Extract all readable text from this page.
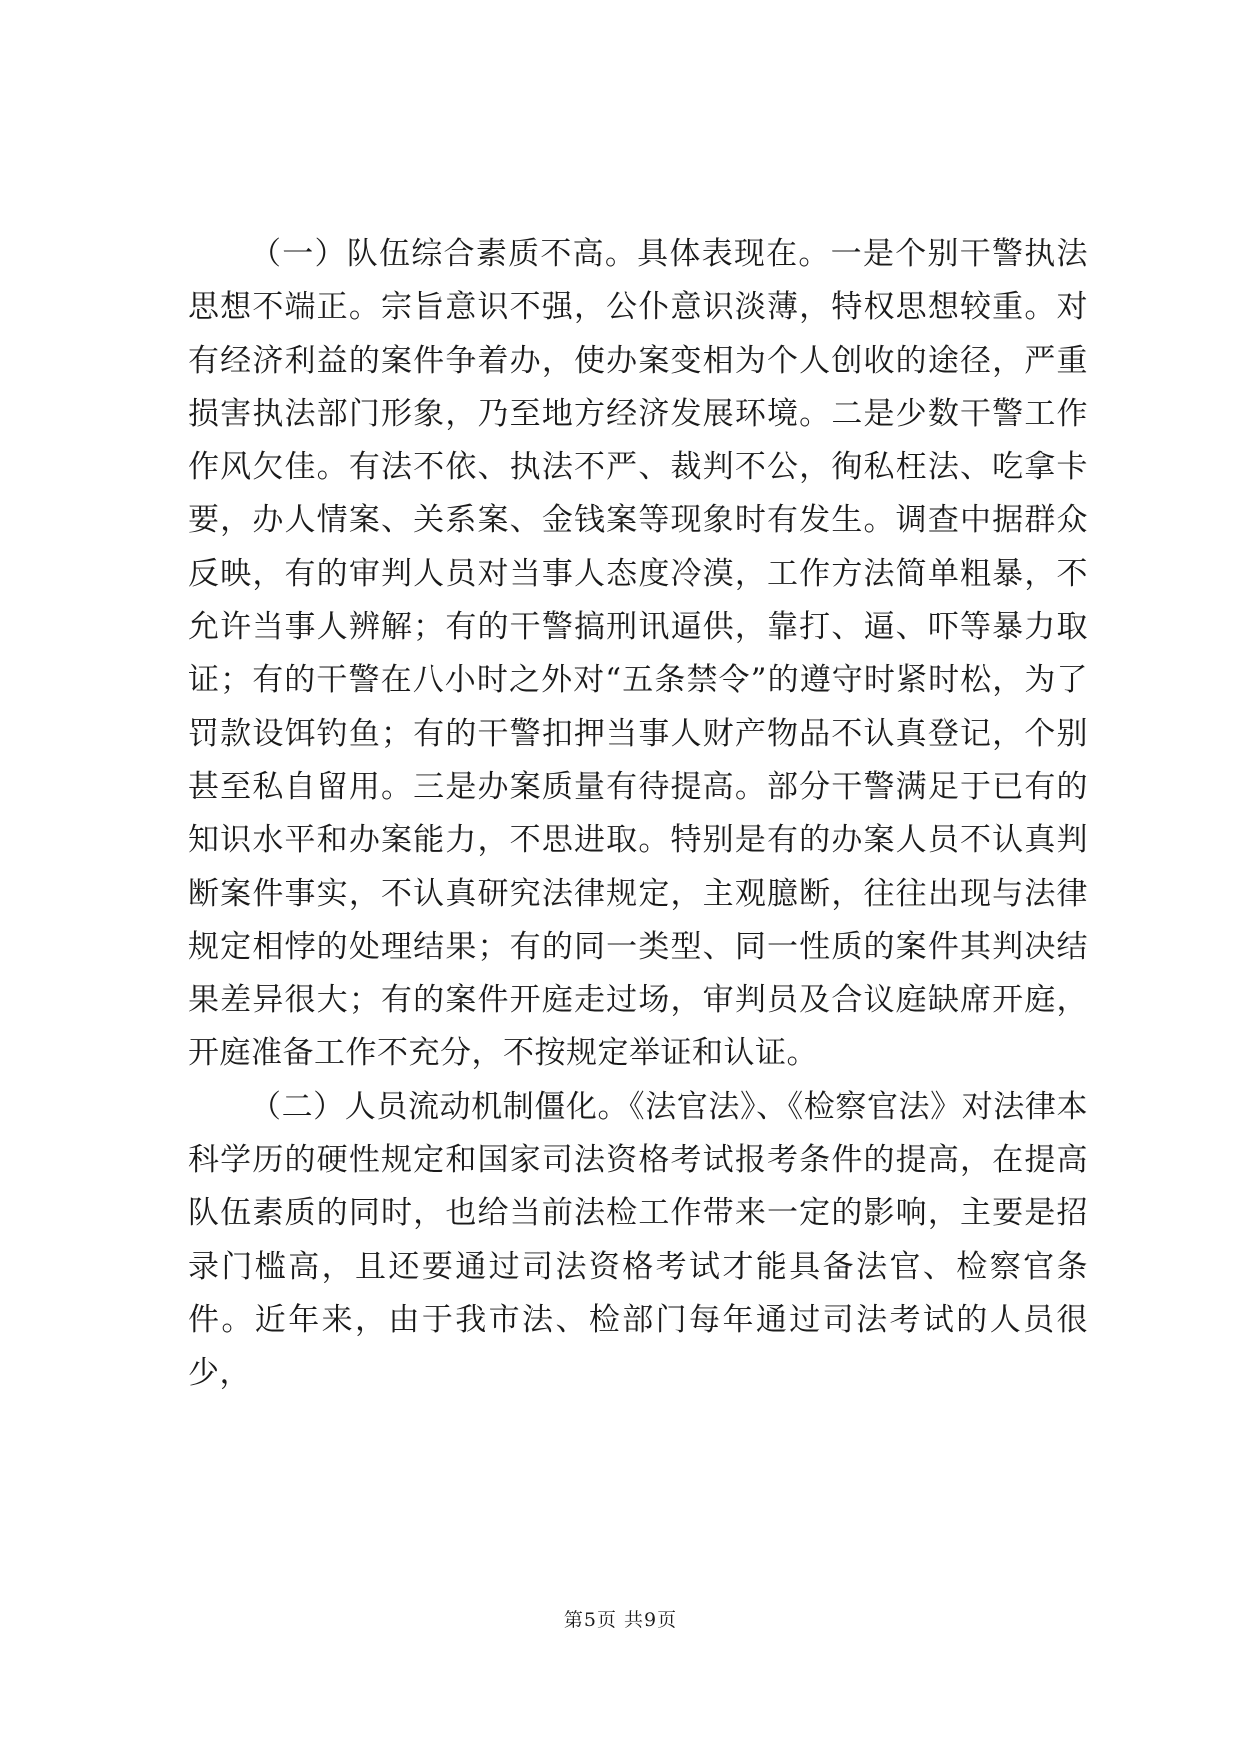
（一）队伍综合素质不高。具体表现在。一是个别干警执法思想不端正。宗旨意识不强，公仆意识淡薄，特权思想较重。对有经济利益的案件争着办，使办案变相为个人创收的途径，严重损害执法部门形象，乃至地方经济发展环境。二是少数干警工作作风欠佳。有法不依、执法不严、裁判不公，徇私枉法、吃拿卡要，办人情案、关系案、金钱案等现象时有发生。调查中据群众反映，有的审判人员对当事人态度冷漠，工作方法简单粗暴，不允许当事人辨解；有的干警搞刑讯逼供，靠打、逼、吓等暴力取证；有的干警在八小时之外对“五条禁令”的遵守时紧时松，为了罚款设饵钓鱼；有的干警扣押当事人财产物品不认真登记，个别甚至私自留用。三是办案质量有待提高。部分干警满足于已有的知识水平和办案能力，不思进取。特别是有的办案人员不认真判断案件事实，不认真研究法律规定，主观臆断，往往出现与法律规定相悖的处理结果；有的同一类型、同一性质的案件其判决结果差异很大；有的案件开庭走过场，审判员及合议庭缺席开庭，开庭准备工作不充分，不按规定举证和认证。

（二）人员流动机制僵化。《法官法》、《检察官法》对法律本科学历的硬性规定和国家司法资格考试报考条件的提高，在提高队伍素质的同时，也给当前法检工作带来一定的影响，主要是招录门槛高，且还要通过司法资格考试才能具备法官、检察官条件。近年来，由于我市法、检部门每年通过司法考试的人员很少，

第5页 共9页
